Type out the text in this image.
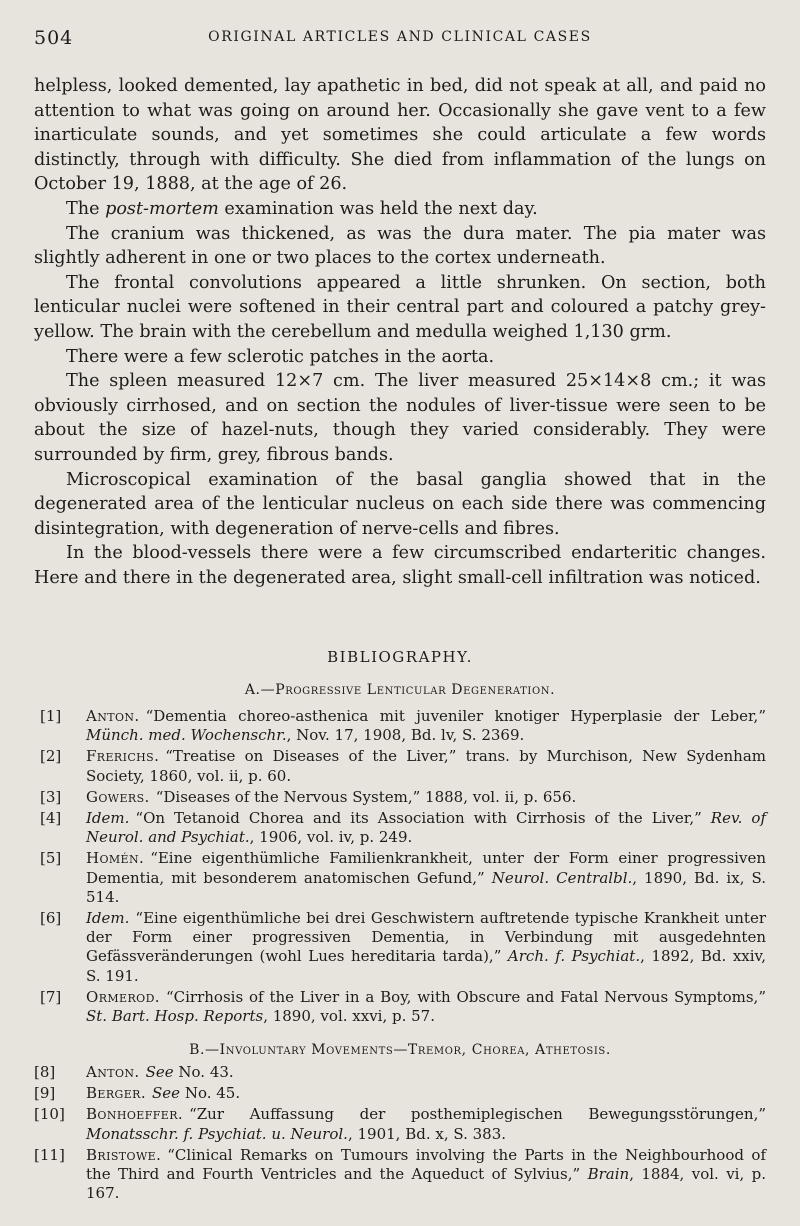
504	ORIGINAL ARTICLES AND CLINICAL CASES

helpless, looked demented, lay apathetic in bed, did not speak at all, and paid no attention to what was going on around her. Occasionally she gave vent to a few inarticulate sounds, and yet sometimes she could articulate a few words distinctly, through with difficulty. She died from inflammation of the lungs on October 19, 1888, at the age of 26.

The post-mortem examination was held the next day.

The cranium was thickened, as was the dura mater. The pia mater was slightly adherent in one or two places to the cortex underneath.

The frontal convolutions appeared a little shrunken. On section, both lenticular nuclei were softened in their central part and coloured a patchy grey-yellow. The brain with the cerebellum and medulla weighed 1,130 grm.

There were a few sclerotic patches in the aorta.

The spleen measured 12×7 cm. The liver measured 25×14×8 cm.; it was obviously cirrhosed, and on section the nodules of liver-tissue were seen to be about the size of hazel-nuts, though they varied considerably. They were surrounded by firm, grey, fibrous bands.

Microscopical examination of the basal ganglia showed that in the degenerated area of the lenticular nucleus on each side there was commencing disintegration, with degeneration of nerve-cells and fibres.

In the blood-vessels there were a few circumscribed endarteritic changes. Here and there in the degenerated area, slight small-cell infiltration was noticed.

BIBLIOGRAPHY.

A.—Progressive Lenticular Degeneration.

[1] Anton. “Dementia choreo-asthenica mit juveniler knotiger Hyperplasie der Leber,” Münch. med. Wochenschr., Nov. 17, 1908, Bd. lv, S. 2369.
[2] Frerichs. “Treatise on Diseases of the Liver,” trans. by Murchison, New Sydenham Society, 1860, vol. ii, p. 60.
[3] Gowers. “Diseases of the Nervous System,” 1888, vol. ii, p. 656.
[4] Idem. “On Tetanoid Chorea and its Association with Cirrhosis of the Liver,” Rev. of Neurol. and Psychiat., 1906, vol. iv, p. 249.
[5] Homén. “Eine eigenthümliche Familienkrankheit, unter der Form einer progressiven Dementia, mit besonderem anatomischen Gefund,” Neurol. Centralbl., 1890, Bd. ix, S. 514.
[6] Idem. “Eine eigenthümliche bei drei Geschwistern auftretende typische Krankheit unter der Form einer progressiven Dementia, in Verbindung mit ausgedehnten Gefässveränderungen (wohl Lues hereditaria tarda),” Arch. f. Psychiat., 1892, Bd. xxiv, S. 191.
[7] Ormerod. “Cirrhosis of the Liver in a Boy, with Obscure and Fatal Nervous Symptoms,” St. Bart. Hosp. Reports, 1890, vol. xxvi, p. 57.

B.—Involuntary Movements—Tremor, Chorea, Athetosis.

[8] Anton. See No. 43.
[9] Berger. See No. 45.
[10] Bonhoeffer. “Zur Auffassung der posthemiplegischen Bewegungsstörungen,” Monatsschr. f. Psychiat. u. Neurol., 1901, Bd. x, S. 383.
[11] Bristowe. “Clinical Remarks on Tumours involving the Parts in the Neighbourhood of the Third and Fourth Ventricles and the Aqueduct of Sylvius,” Brain, 1884, vol. vi, p. 167.
